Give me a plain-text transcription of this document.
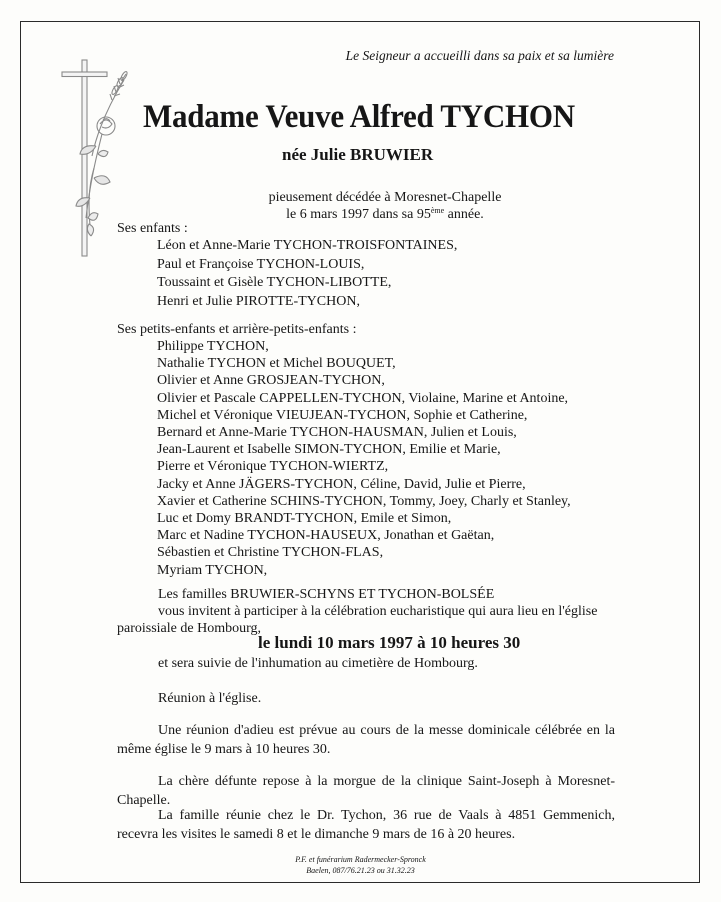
Le Seigneur a accueilli dans sa paix et sa lumière
Madame Veuve Alfred TYCHON
née Julie BRUWIER
pieusement décédée à Moresnet-Chapelle
le 6 mars 1997 dans sa 95ème année.
Ses enfants :
Léon et Anne-Marie TYCHON-TROISFONTAINES,
Paul et Françoise TYCHON-LOUIS,
Toussaint et Gisèle TYCHON-LIBOTTE,
Henri et Julie PIROTTE-TYCHON,
Ses petits-enfants et arrière-petits-enfants :
Philippe TYCHON,
Nathalie TYCHON et Michel BOUQUET,
Olivier et Anne GROSJEAN-TYCHON,
Olivier et Pascale CAPPELLEN-TYCHON, Violaine, Marine et Antoine,
Michel et Véronique VIEUJEAN-TYCHON, Sophie et Catherine,
Bernard et Anne-Marie TYCHON-HAUSMAN, Julien et Louis,
Jean-Laurent et Isabelle SIMON-TYCHON, Emilie et Marie,
Pierre et Véronique TYCHON-WIERTZ,
Jacky et Anne JÄGERS-TYCHON, Céline, David, Julie et Pierre,
Xavier et Catherine SCHINS-TYCHON, Tommy, Joey, Charly et Stanley,
Luc et Domy BRANDT-TYCHON, Emile et Simon,
Marc et Nadine TYCHON-HAUSEUX, Jonathan et Gaëtan,
Sébastien et Christine TYCHON-FLAS,
Myriam TYCHON,
Les familles BRUWIER-SCHYNS ET TYCHON-BOLSÉE
vous invitent à participer à la célébration eucharistique qui aura lieu en l'église
paroissiale de Hombourg,
le lundi 10 mars 1997 à 10 heures 30
et sera suivie de l'inhumation au cimetière de Hombourg.
Réunion à l'église.
Une réunion d'adieu est prévue au cours de la messe dominicale célébrée en la même église le 9 mars à 10 heures 30.
La chère défunte repose à la morgue de la clinique Saint-Joseph à Moresnet-Chapelle.
La famille réunie chez le Dr. Tychon, 36 rue de Vaals à 4851 Gemmenich, recevra les visites le samedi 8 et le dimanche 9 mars de 16 à 20 heures.
P.F. et funérarium Radermecker-Spronck
Baelen, 087/76.21.23 ou 31.32.23
